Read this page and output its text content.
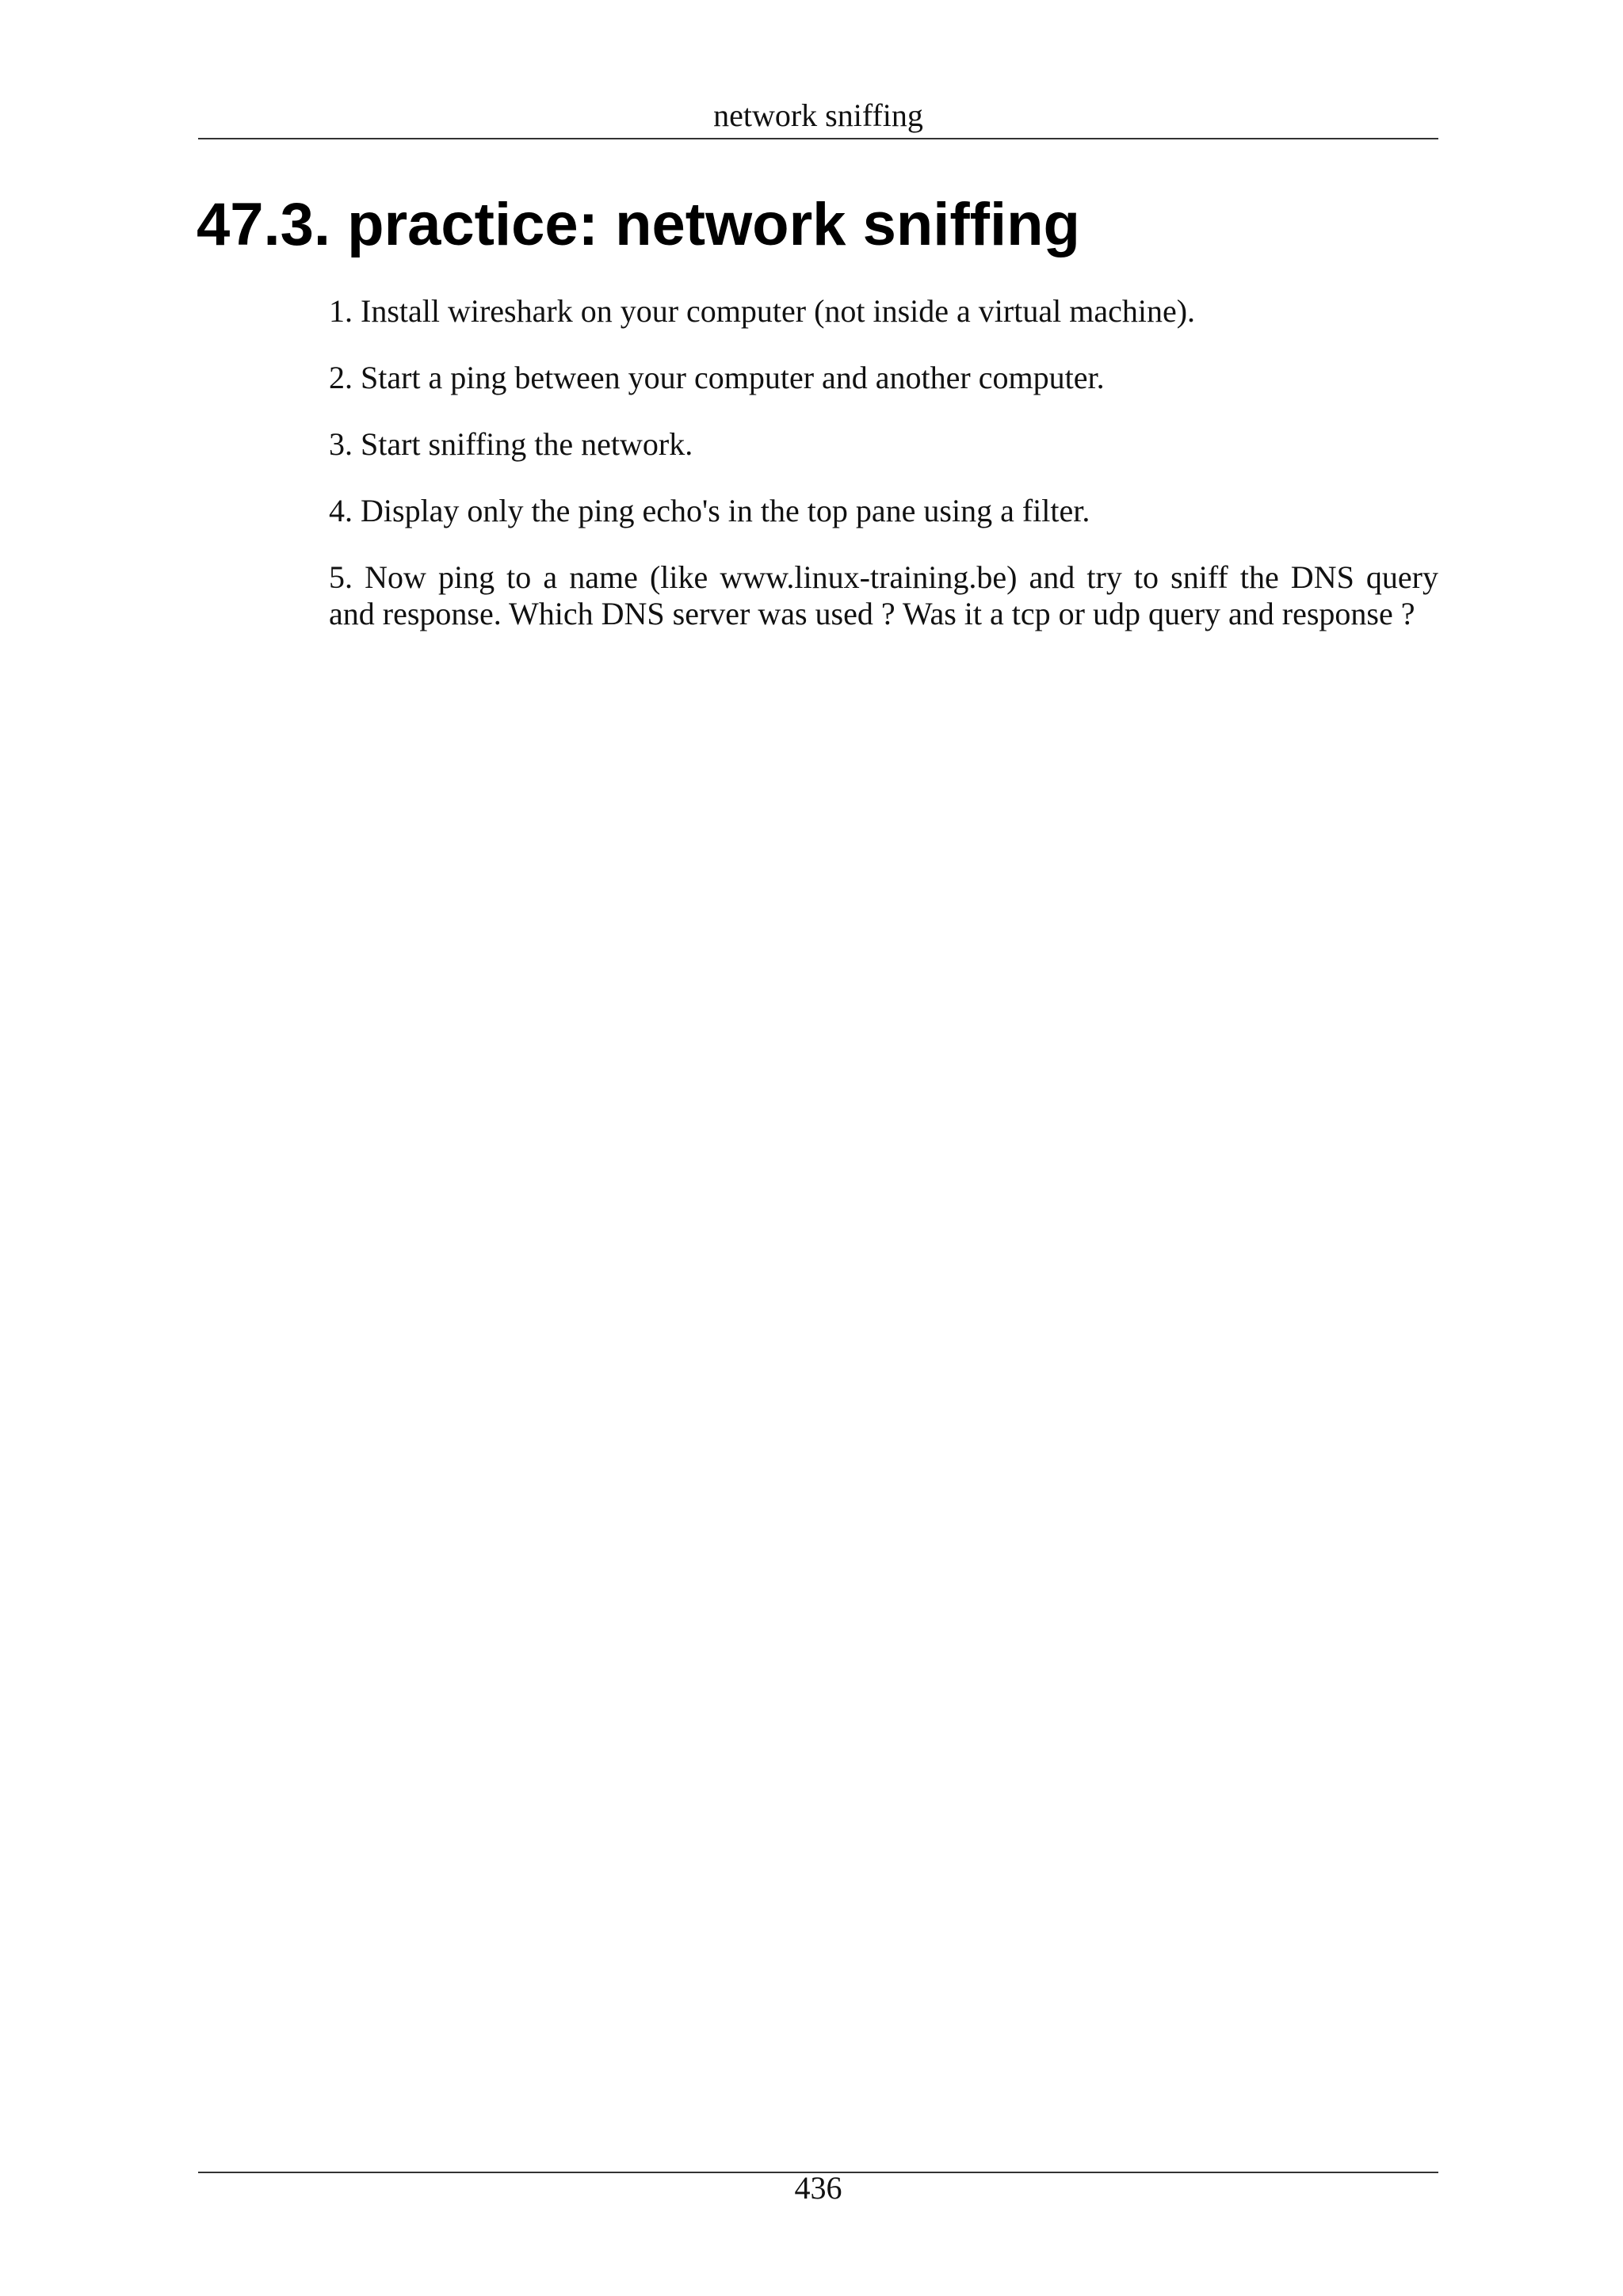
network sniffing
47.3. practice: network sniffing

1. Install wireshark on your computer (not inside a virtual machine).

2. Start a ping between your computer and another computer.

3. Start sniffing the network.

4. Display only the ping echo's in the top pane using a filter.

5. Now ping to a name (like www.linux-training.be) and try to sniff the DNS query
and response. Which DNS server was used ? Was it a tcp or udp query and response ?
436
